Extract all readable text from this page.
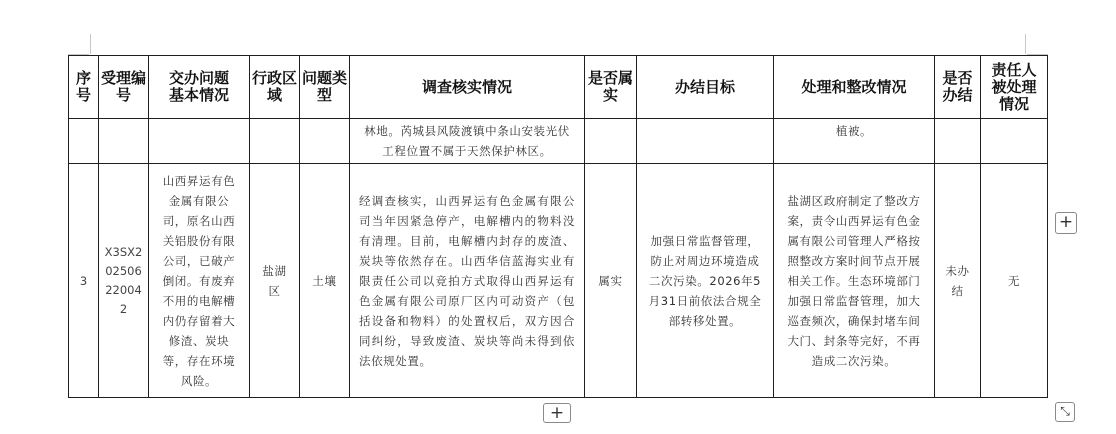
序号	受理编号	交办问题基本情况	行政区域	问题类型	调查核实情况	是否属实	办结目标	处理和整改情况	是否办结	责任人被处理情况
					林地。芮城县风陵渡镇中条山安装光伏工程位置不属于天然保护林区。			植被。		
3	X3SX202506220042	山西昇运有色金属有限公司，原名山西关铝股份有限公司，已破产倒闭。有废弃不用的电解槽内仍存留着大修渣、炭块等，存在环境风险。	盐湖区	土壤	经调查核实，山西昇运有色金属有限公司当年因紧急停产，电解槽内的物料没有清理。目前，电解槽内封存的废渣、炭块等依然存在。山西华信蓝海实业有限责任公司以竞拍方式取得山西昇运有色金属有限公司原厂区内可动资产（包括设备和物料）的处置权后，双方因合同纠纷，导致废渣、炭块等尚未得到依法依规处置。	属实	加强日常监督管理，防止对周边环境造成二次污染。2026年5月31日前依法合规全部转移处置。	盐湖区政府制定了整改方案，责令山西昇运有色金属有限公司管理人严格按照整改方案时间节点开展相关工作。生态环境部门加强日常监督管理，加大巡查频次，确保封堵车间大门、封条等完好，不再造成二次污染。	未办结	无
+
+	⤡
